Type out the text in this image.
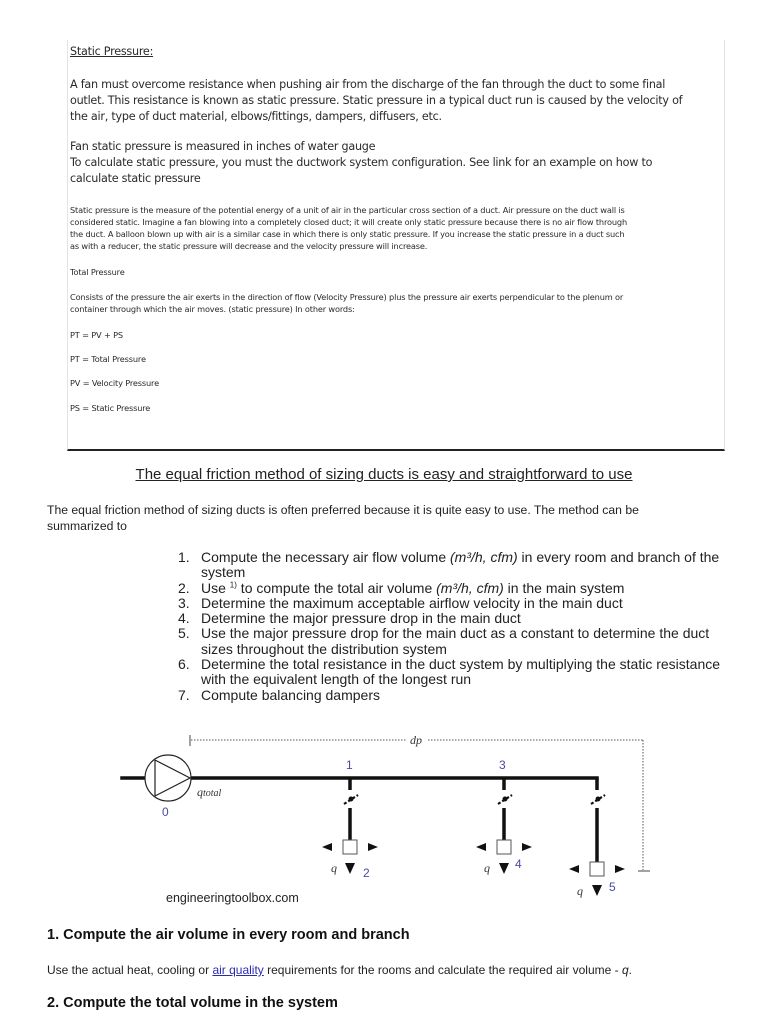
Static Pressure:
A fan must overcome resistance when pushing air from the discharge of the fan through the duct to some final
outlet. This resistance is known as static pressure. Static pressure in a typical duct run is caused by the velocity of
the air, type of duct material, elbows/fittings, dampers, diffusers, etc.
Fan static pressure is measured in inches of water gauge
To calculate static pressure, you must the ductwork system configuration. See link for an example on how to
calculate static pressure
Static pressure is the measure of the potential energy of a unit of air in the particular cross section of a duct. Air pressure on the duct wall is
considered static. Imagine a fan blowing into a completely closed duct; it will create only static pressure because there is no air flow through
the duct. A balloon blown up with air is a similar case in which there is only static pressure. If you increase the static pressure in a duct such
as with a reducer, the static pressure will decrease and the velocity pressure will increase.
Total Pressure
Consists of the pressure the air exerts in the direction of flow (Velocity Pressure) plus the pressure air exerts perpendicular to the plenum or
container through which the air moves. (static pressure) In other words:
PT = PV + PS
PT = Total Pressure
PV = Velocity Pressure
PS = Static Pressure
The equal friction method of sizing ducts is easy and straightforward to use
The equal friction method of sizing ducts is often preferred because it is quite easy to use. The method can be summarized to
1. Compute the necessary air flow volume (m³/h, cfm) in every room and branch of the system
2. Use $^{1)}$ to compute the total air volume (m³/h, cfm) in the main system
3. Determine the maximum acceptable airflow velocity in the main duct
4. Determine the major pressure drop in the main duct
5. Use the major pressure drop for the main duct as a constant to determine the duct sizes throughout the distribution system
6. Determine the total resistance in the duct system by multiplying the static resistance with the equivalent length of the longest run
7. Compute balancing dampers
dp
qtotal
0
1
2
3
4
5
q	q
q
engineeringtoolbox.com
1. Compute the air volume in every room and branch
Use the actual heat, cooling or air quality requirements for the rooms and calculate the required air volume - q.
2. Compute the total volume in the system
